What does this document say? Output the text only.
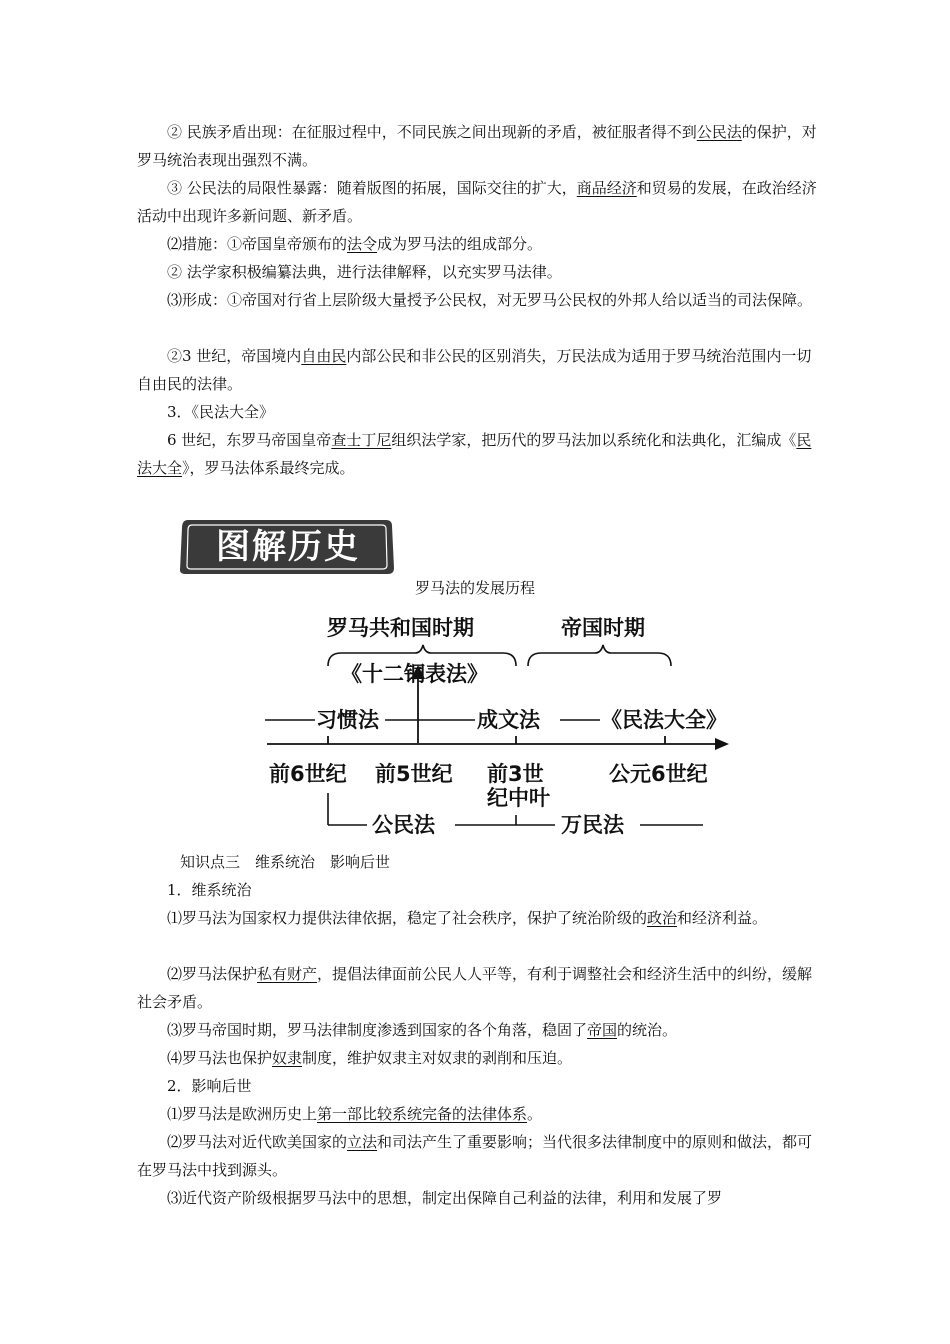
② 民族矛盾出现：在征服过程中，不同民族之间出现新的矛盾，被征服者得不到公民法的保护，对罗马统治表现出强烈不满。

③ 公民法的局限性暴露：随着版图的拓展，国际交往的扩大，商品经济和贸易的发展，在政治经济活动中出现许多新问题、新矛盾。

⑵措施：①帝国皇帝颁布的法令成为罗马法的组成部分。

② 法学家积极编纂法典，进行法律解释，以充实罗马法律。

⑶形成：①帝国对行省上层阶级大量授予公民权，对无罗马公民权的外邦人给以适当的司法保障。

②3 世纪，帝国境内自由民内部公民和非公民的区别消失，万民法成为适用于罗马统治范围内一切自由民的法律。

3．《民法大全》

6 世纪，东罗马帝国皇帝查士丁尼组织法学家，把历代的罗马法加以系统化和法典化，汇编成《民法大全》，罗马法体系最终完成。

图解历史
罗马法的发展历程
罗马共和国时期	帝国时期
《十二铜表法》
习惯法	成文法	《民法大全》
前6世纪 前5世纪 前3世
纪中叶
公元6世纪
公民法	万民法

知识点三　维系统治　影响后世

1．维系统治

⑴罗马法为国家权力提供法律依据，稳定了社会秩序，保护了统治阶级的政治和经济利益。

⑵罗马法保护私有财产，提倡法律面前公民人人平等，有利于调整社会和经济生活中的纠纷，缓解社会矛盾。

⑶罗马帝国时期，罗马法律制度渗透到国家的各个角落，稳固了帝国的统治。

⑷罗马法也保护奴隶制度，维护奴隶主对奴隶的剥削和压迫。

2．影响后世

⑴罗马法是欧洲历史上第一部比较系统完备的法律体系。

⑵罗马法对近代欧美国家的立法和司法产生了重要影响；当代很多法律制度中的原则和做法，都可在罗马法中找到源头。

⑶近代资产阶级根据罗马法中的思想，制定出保障自己利益的法律，利用和发展了罗
